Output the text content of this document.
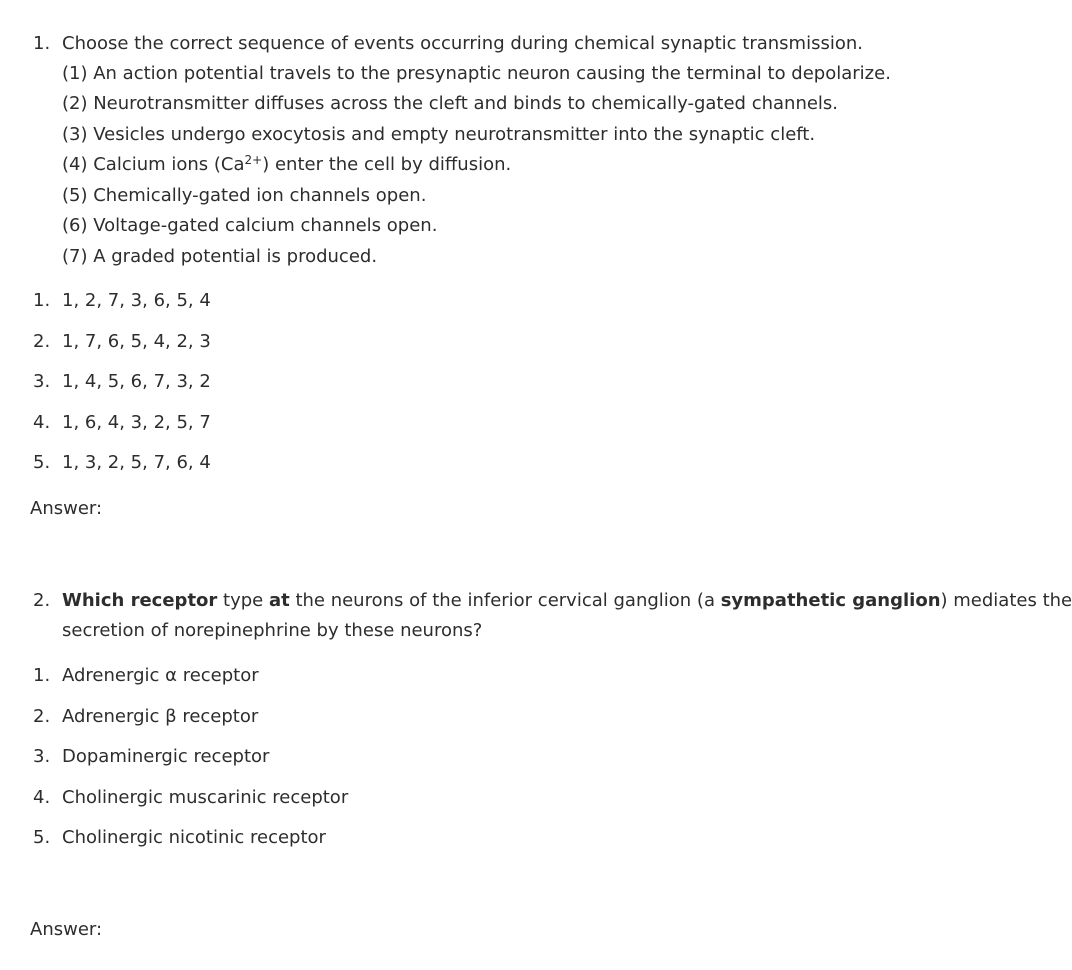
1. Choose the correct sequence of events occurring during chemical synaptic transmission.
(1) An action potential travels to the presynaptic neuron causing the terminal to depolarize.
(2) Neurotransmitter diffuses across the cleft and binds to chemically-gated channels.
(3) Vesicles undergo exocytosis and empty neurotransmitter into the synaptic cleft.
(4) Calcium ions $(Ca^{2+})$ enter the cell by diffusion.
(5) Chemically-gated ion channels open.
(6) Voltage-gated calcium channels open.
(7) A graded potential is produced.
1. 1, 2, 7, 3, 6, 5, 4
2. 1, 7, 6, 5, 4, 2, 3
3. 1, 4, 5, 6, 7, 3, 2
4. 1, 6, 4, 3, 2, 5, 7
5. 1, 3, 2, 5, 7, 6, 4
Answer:
2. Which receptor type at the neurons of the inferior cervical ganglion (a sympathetic ganglion) mediates the
secretion of norepinephrine by these neurons?
1. Adrenergic α receptor
2. Adrenergic β receptor
3. Dopaminergic receptor
4. Cholinergic muscarinic receptor
5. Cholinergic nicotinic receptor
Answer:
